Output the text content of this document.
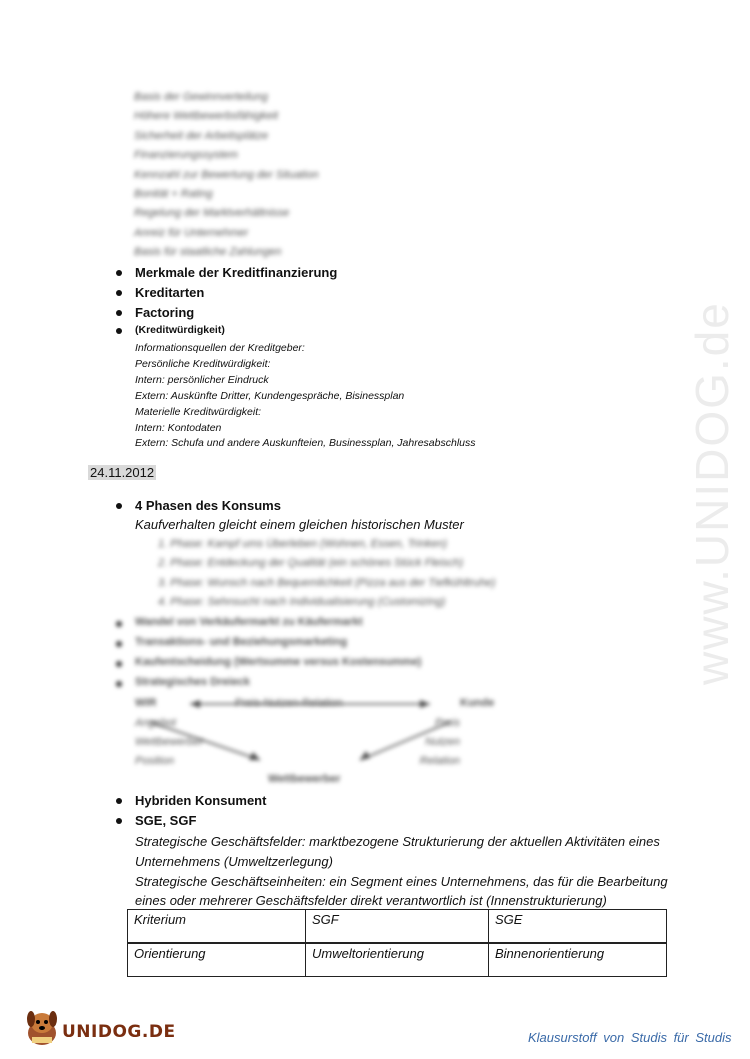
www.UNIDOG.de
Basis der Gewinnverteilung
Höhere Wettbewerbsfähigkeit
Sicherheit der Arbeitsplätze
Finanzierungssystem
Kennzahl zur Bewertung der Situation
Bonität + Rating
Regelung der Marktverhältnisse
Anreiz für Unternehmer
Basis für staatliche Zahlungen
Merkmale der Kreditfinanzierung
Kreditarten
Factoring
(Kreditwürdigkeit)
Informationsquellen der Kreditgeber:
Persönliche Kreditwürdigkeit:
Intern: persönlicher Eindruck
Extern: Auskünfte Dritter, Kundengespräche, Bisinessplan
Materielle Kreditwürdigkeit:
Intern: Kontodaten
Extern: Schufa und andere Auskunfteien, Businessplan, Jahresabschluss
24.11.2012
4 Phasen des Konsums
Kaufverhalten gleicht einem gleichen historischen Muster
1. Phase: Kampf ums Überleben (Wohnen, Essen, Trinken)
2. Phase: Entdeckung der Qualität (ein schönes Stück Fleisch)
3. Phase: Wunsch nach Bequemlichkeit (Pizza aus der Tiefkühltruhe)
4. Phase: Sehnsucht nach Individualisierung (Customizing)
Wandel von Verkäufermarkt zu Käufermarkt
Transaktions- und Beziehungsmarketing
Kaufentscheidung (Wertsumme versus Kostensumme)
Strategisches Dreieck
WIR	Preis-Nutzen-Relation	Kunde
Angebot
Wettbewerber
Position
Preis
Nutzen
Relation
Wettbewerber
Hybriden Konsument
SGE, SGF
Strategische Geschäftsfelder: marktbezogene Strukturierung der aktuellen Aktivitäten eines
Unternehmens (Umweltzerlegung)
Strategische Geschäftseinheiten: ein Segment eines Unternehmens, das für die Bearbeitung
eines oder mehrerer Geschäftsfelder direkt verantwortlich ist (Innenstrukturierung)
Kriterium	SGF	SGE
Orientierung	Umweltorientierung	Binnenorientierung
UNIDOG.DE	Klausurstoff von Studis für Studis
